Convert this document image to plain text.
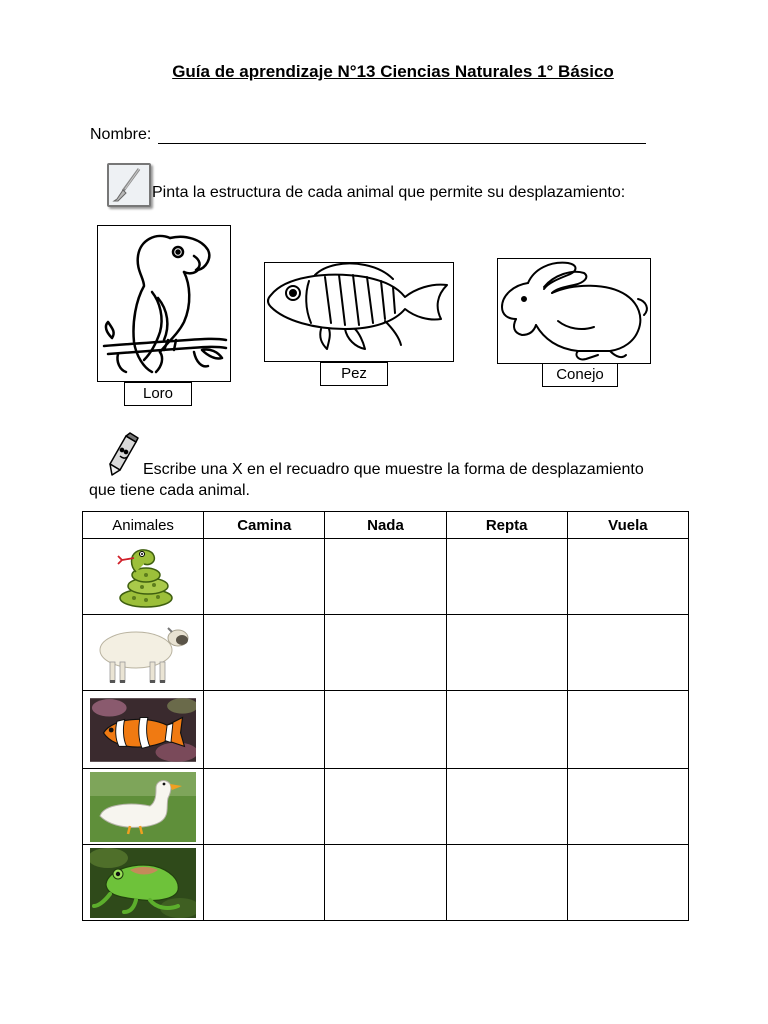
Guía de aprendizaje N°13 Ciencias Naturales 1° Básico
Nombre:
Pinta la estructura de cada animal que permite su desplazamiento:
Loro
Pez	Conejo
Escribe una X en el recuadro que muestre la forma de desplazamiento
que tiene cada animal.
Animales	Camina	Nada	Repta	Vuela
